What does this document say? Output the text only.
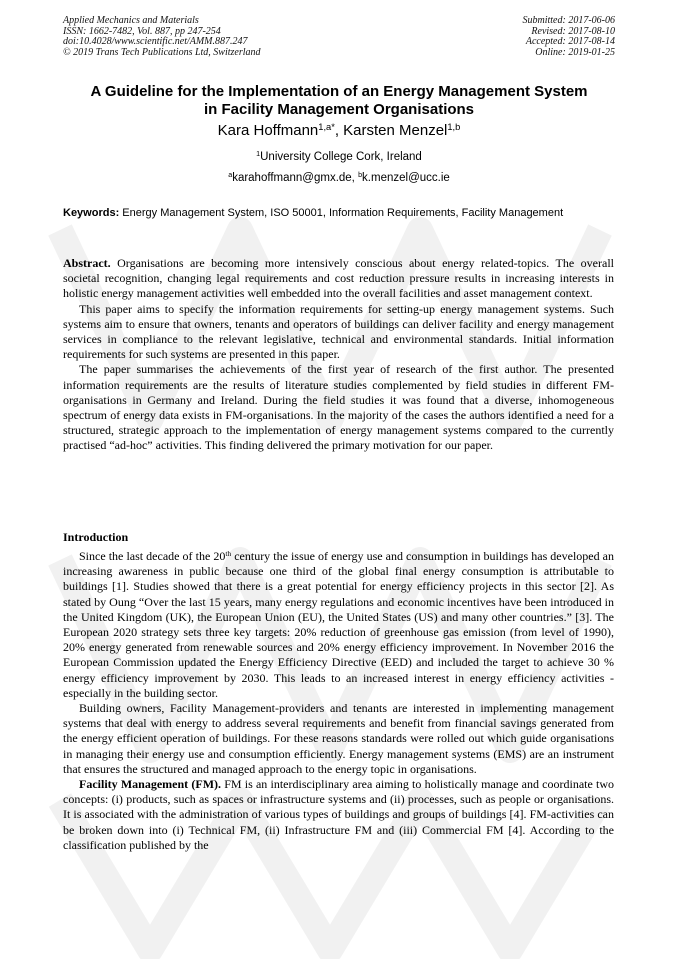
Applied Mechanics and Materials
ISSN: 1662-7482, Vol. 887, pp 247-254
doi:10.4028/www.scientific.net/AMM.887.247
© 2019 Trans Tech Publications Ltd, Switzerland
Submitted: 2017-06-06
Revised: 2017-08-10
Accepted: 2017-08-14
Online: 2019-01-25
A Guideline for the Implementation of an Energy Management System
in Facility Management Organisations
Kara Hoffmann$^{1,a*}$, Karsten Menzel$^{1,b}$
$^1$University College Cork, Ireland
$^a$karahoffmann@gmx.de, $^b$k.menzel@ucc.ie
Keywords: Energy Management System, ISO 50001, Information Requirements, Facility Management

Abstract. Organisations are becoming more intensively conscious about energy related-topics. The overall societal recognition, changing legal requirements and cost reduction pressure results in increasing interests in holistic energy management activities well embedded into the overall facilities and asset management context.

This paper aims to specify the information requirements for setting-up energy management systems. Such systems aim to ensure that owners, tenants and operators of buildings can deliver facility and energy management services in compliance to the relevant legislative, technical and environmental standards. Initial information requirements for such systems are presented in this paper.

The paper summarises the achievements of the first year of research of the first author. The presented information requirements are the results of literature studies complemented by field studies in different FM-organisations in Germany and Ireland. During the field studies it was found that a diverse, inhomogeneous spectrum of energy data exists in FM-organisations. In the majority of the cases the authors identified a need for a structured, strategic approach to the implementation of energy management systems compared to the currently practised “ad-hoc” activities. This finding delivered the primary motivation for our paper.

Introduction

Since the last decade of the 20th century the issue of energy use and consumption in buildings has developed an increasing awareness in public because one third of the global final energy consumption is attributable to buildings [1]. Studies showed that there is a great potential for energy efficiency projects in this sector [2]. As stated by Oung “Over the last 15 years, many energy regulations and economic incentives have been introduced in the United Kingdom (UK), the European Union (EU), the United States (US) and many other countries.” [3]. The European 2020 strategy sets three key targets: 20% reduction of greenhouse gas emission (from level of 1990), 20% energy generated from renewable sources and 20% energy efficiency improvement. In November 2016 the European Commission updated the Energy Efficiency Directive (EED) and included the target to achieve 30 % energy efficiency improvement by 2030. This leads to an increased interest in energy efficiency activities - especially in the building sector.

Building owners, Facility Management-providers and tenants are interested in implementing management systems that deal with energy to address several requirements and benefit from financial savings generated from the energy efficient operation of buildings. For these reasons standards were rolled out which guide organisations in managing their energy use and consumption efficiently. Energy management systems (EMS) are an instrument that ensures the structured and managed approach to the energy topic in organisations.

Facility Management (FM). FM is an interdisciplinary area aiming to holistically manage and coordinate two concepts: (i) products, such as spaces or infrastructure systems and (ii) processes, such as people or organisations. It is associated with the administration of various types of buildings and groups of buildings [4]. FM-activities can be broken down into (i) Technical FM, (ii) Infrastructure FM and (iii) Commercial FM [4]. According to the classification published by the
